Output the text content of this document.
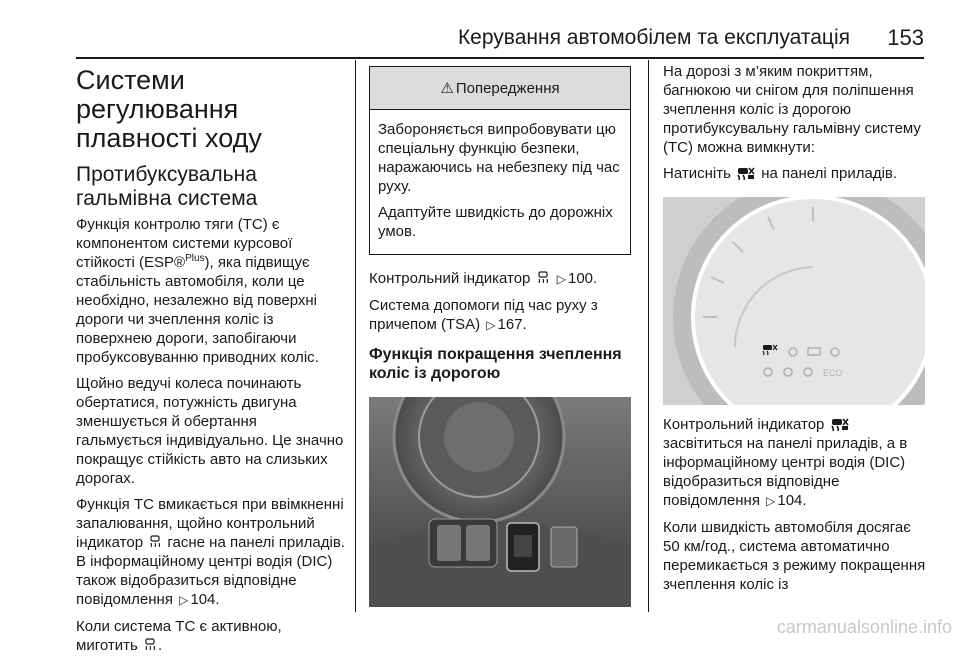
Керування автомобілем та експлуатація 153
Системи регулювання плавності ходу
Протибуксувальна гальмівна система

Функція контролю тяги (TC) є компонентом системи курсової стійкості (ESP®$^{Plus}$), яка підвищує стабільність автомобіля, коли це необхідно, незалежно від поверхні дороги чи зчеплення коліс із поверхнею дороги, запобігаючи пробуксовуванню приводних коліс.

Щойно ведучі колеса починають обертатися, потужність двигуна зменшується й обертання гальмується індивідуально. Це значно покращує стійкість авто на слизьких дорогах.

Функція TC вмикається при ввімкненні запалювання, щойно контрольний індикатор гасне на панелі приладів. В інформаційному центрі водія (DIC) також відобразиться відповідне повідомлення ▷ 104.

Коли система TC є активною, миготить .

⚠ Попередження

Забороняється випробовувати цю спеціальну функцію безпеки, наражаючись на небезпеку під час руху.

Адаптуйте швидкість до дорожніх умов.

Контрольний індикатор ▷ 100.

Система допомоги під час руху з причепом (TSA) ▷ 167.

Функція покращення зчеплення коліс із дорогою

На дорозі з м’яким покриттям, багнюкою чи снігом для поліпшення зчеплення коліс із дорогою протибуксувальну гальмівну систему (TC) можна вимкнути:

Натисніть на панелі приладів.

ECO

Контрольний індикатор  засвітиться на панелі приладів, а в інформаційному центрі водія (DIC) відобразиться відповідне повідомлення ▷ 104.

Коли швидкість автомобіля досягає 50 км/год., система автоматично перемикається з режиму покращення зчеплення коліс із

carmanualsonline.info
